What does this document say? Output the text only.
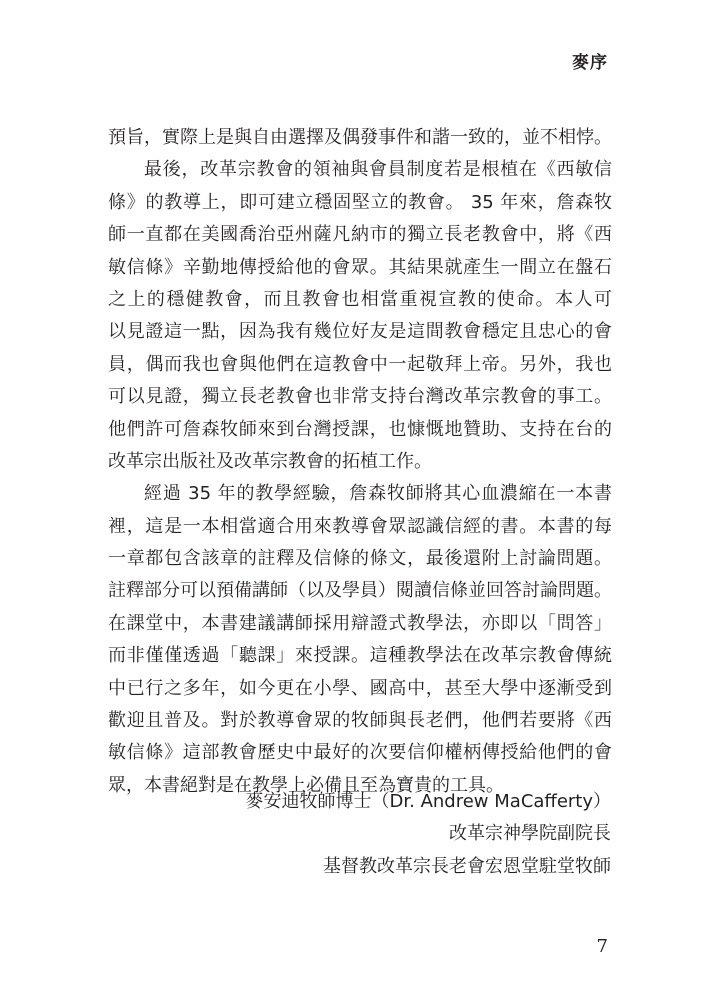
麥序
預旨，實際上是與自由選擇及偶發事件和諧一致的，並不相悖。
最後，改革宗教會的領袖與會員制度若是根植在《西敏信
條》的教導上，即可建立穩固堅立的教會。 35 年來，詹森牧
師一直都在美國喬治亞州薩凡納市的獨立長老教會中，將《西
敏信條》辛勤地傳授給他的會眾。其結果就產生一間立在盤石
之上的穩健教會，而且教會也相當重視宣教的使命。本人可
以見證這一點，因為我有幾位好友是這間教會穩定且忠心的會
員，偶而我也會與他們在這教會中一起敬拜上帝。另外，我也
可以見證，獨立長老教會也非常支持台灣改革宗教會的事工。
他們許可詹森牧師來到台灣授課，也慷慨地贊助、支持在台的
改革宗出版社及改革宗教會的拓植工作。
經過 35 年的教學經驗，詹森牧師將其心血濃縮在一本書
裡，這是一本相當適合用來教導會眾認識信經的書。本書的每
一章都包含該章的註釋及信條的條文，最後還附上討論問題。
註釋部分可以預備講師（以及學員）閱讀信條並回答討論問題。
在課堂中，本書建議講師採用辯證式教學法，亦即以「問答」
而非僅僅透過「聽課」來授課。這種教學法在改革宗教會傳統
中已行之多年，如今更在小學、國高中，甚至大學中逐漸受到
歡迎且普及。對於教導會眾的牧師與長老們，他們若要將《西
敏信條》這部教會歷史中最好的次要信仰權柄傳授給他們的會
眾，本書絕對是在教學上必備且至為寶貴的工具。
麥安迪牧師博士（Dr. Andrew MaCafferty）
改革宗神學院副院長
基督教改革宗長老會宏恩堂駐堂牧師
7
